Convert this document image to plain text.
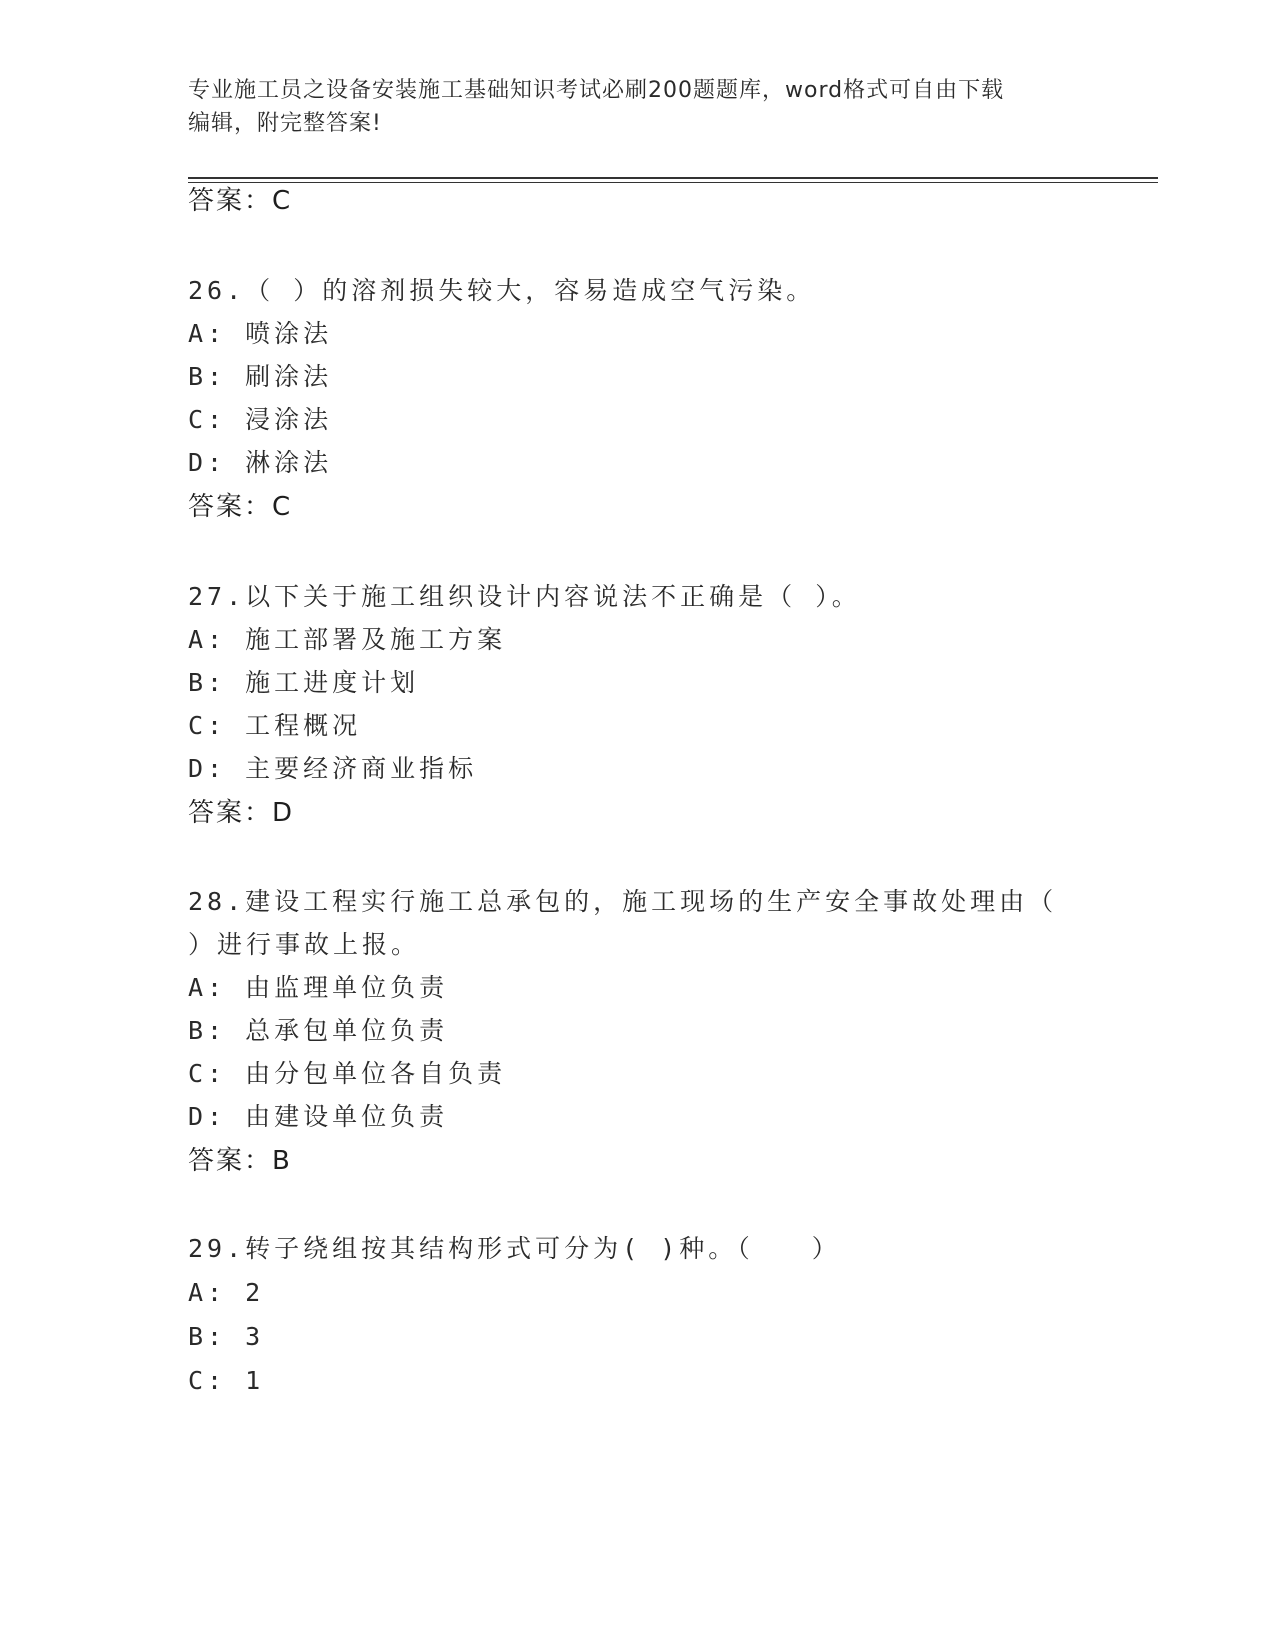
专业施工员之设备安装施工基础知识考试必刷200题题库，word格式可自由下载
编辑，附完整答案!
答案：C
26.（ ）的溶剂损失较大，容易造成空气污染。
A: 喷涂法
B: 刷涂法
C: 浸涂法
D: 淋涂法
答案：C
27.以下关于施工组织设计内容说法不正确是（ ）。
A: 施工部署及施工方案
B: 施工进度计划
C: 工程概况
D: 主要经济商业指标
答案：D
28.建设工程实行施工总承包的，施工现场的生产安全事故处理由（
）进行事故上报。
A: 由监理单位负责
B: 总承包单位负责
C: 由分包单位各自负责
D: 由建设单位负责
答案：B
29.转子绕组按其结构形式可分为( )种。（　　）
A: 2
B: 3
C: 1
